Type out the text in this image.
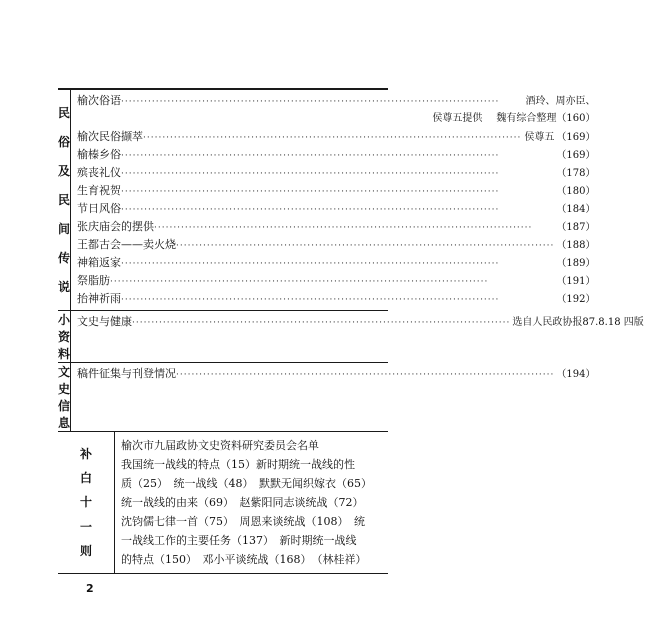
民
俗
及
民
间
传
说
榆次俗语 ·····	酒玲、周亦臣、
侯尊五提供 魏有综合整理（160）
榆次民俗撷萃 ·····	侯尊五 （169）
榆榛乡俗 ·····	（169）
殡丧礼仪 ·····	（178）
生育祝贺 ·····	（180）
节日风俗 ·····	（184）
张庆庙会的摆供 ·····	（187）
王都古会——卖火烧 ·····	（188）
神箱返家 ·····	（189）
祭脂肪 ·····	（191）
抬神祈雨 ·····	（192）
小资料
文史与健康 ·····	选自人民政协报87.8.18 四版
文史信息
稿件征集与刊登情况 ·····	（194）
补
白
十
一
则
榆次市九届政协文史资料研究委员会名单
我国统一战线的特点（15）新时期统一战线的性
质（25）　统一战线（48）　默默无闻织嫁衣（65）
统一战线的由来（69）　赵紫阳同志谈统战（72）
沈钧儒七律一首（75）　周恩来谈统战（108）　统
一战线工作的主要任务（137）　新时期统一战线
的特点（150）　邓小平谈统战（168）　（林桂祥）
2
